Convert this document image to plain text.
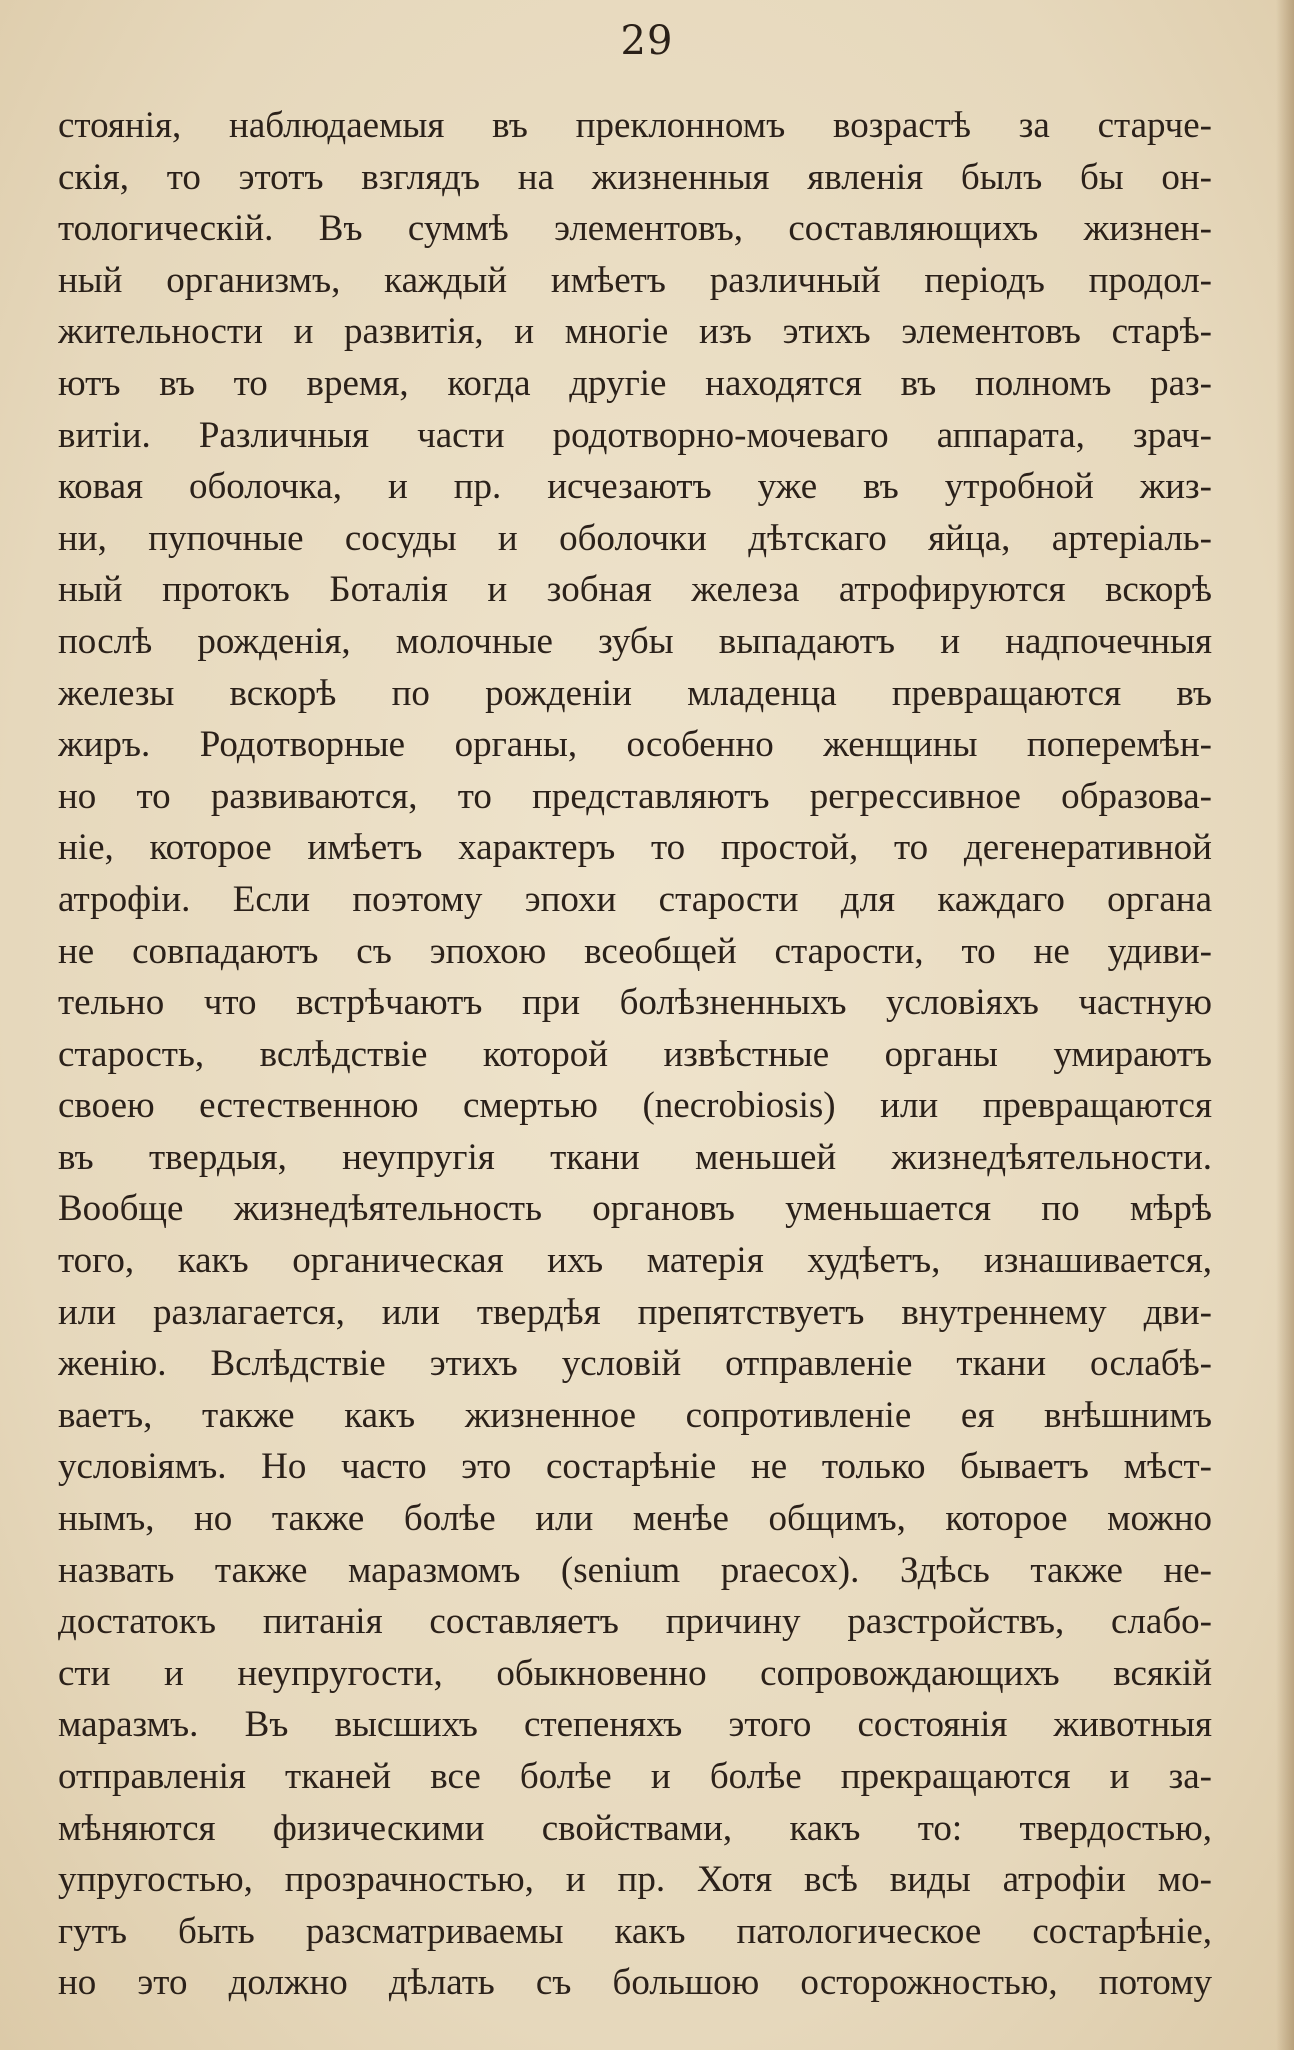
29
стоянія, наблюдаемыя въ преклонномъ возрастѣ за старче-
скія, то этотъ взглядъ на жизненныя явленія былъ бы он-
тологическій. Въ суммѣ элементовъ, составляющихъ жизнен-
ный организмъ, каждый имѣетъ различный періодъ продол-
жительности и развитія, и многіе изъ этихъ элементовъ старѣ-
ютъ въ то время, когда другіе находятся въ полномъ раз-
витіи. Различныя части родотворно-мочеваго аппарата, зрач-
ковая оболочка, и пр. исчезаютъ уже въ утробной жиз-
ни, пупочные сосуды и оболочки дѣтскаго яйца, артеріаль-
ный протокъ Боталія и зобная железа атрофируются вскорѣ
послѣ рожденія, молочные зубы выпадаютъ и надпочечныя
железы вскорѣ по рожденіи младенца превращаются въ
жиръ. Родотворные органы, особенно женщины поперемѣн-
но то развиваются, то представляютъ регрессивное образова-
ніе, которое имѣетъ характеръ то простой, то дегенеративной
атрофіи. Если поэтому эпохи старости для каждаго органа
не совпадаютъ съ эпохою всеобщей старости, то не удиви-
тельно что встрѣчаютъ при болѣзненныхъ условіяхъ частную
старость, вслѣдствіе которой извѣстные органы умираютъ
своею естественною смертью (necrobiosis) или превращаются
въ твердыя, неупругія ткани меньшей жизнедѣятельности.
Вообще жизнедѣятельность органовъ уменьшается по мѣрѣ
того, какъ органическая ихъ матерія худѣетъ, изнашивается,
или разлагается, или твердѣя препятствуетъ внутреннему дви-
женію. Вслѣдствіе этихъ условій отправленіе ткани ослабѣ-
ваетъ, также какъ жизненное сопротивленіе ея внѣшнимъ
условіямъ. Но часто это состарѣніе не только бываетъ мѣст-
нымъ, но также болѣе или менѣе общимъ, которое можно
назвать также маразмомъ (senium praecox). Здѣсь также не-
достатокъ питанія составляетъ причину разстройствъ, слабо-
сти и неупругости, обыкновенно сопровождающихъ всякій
маразмъ. Въ высшихъ степеняхъ этого состоянія животныя
отправленія тканей все болѣе и болѣе прекращаются и за-
мѣняются физическими свойствами, какъ то: твердостью,
упругостью, прозрачностью, и пр. Хотя всѣ виды атрофіи мо-
гутъ быть разсматриваемы какъ патологическое состарѣніе,
но это должно дѣлать съ большою осторожностью, потому
